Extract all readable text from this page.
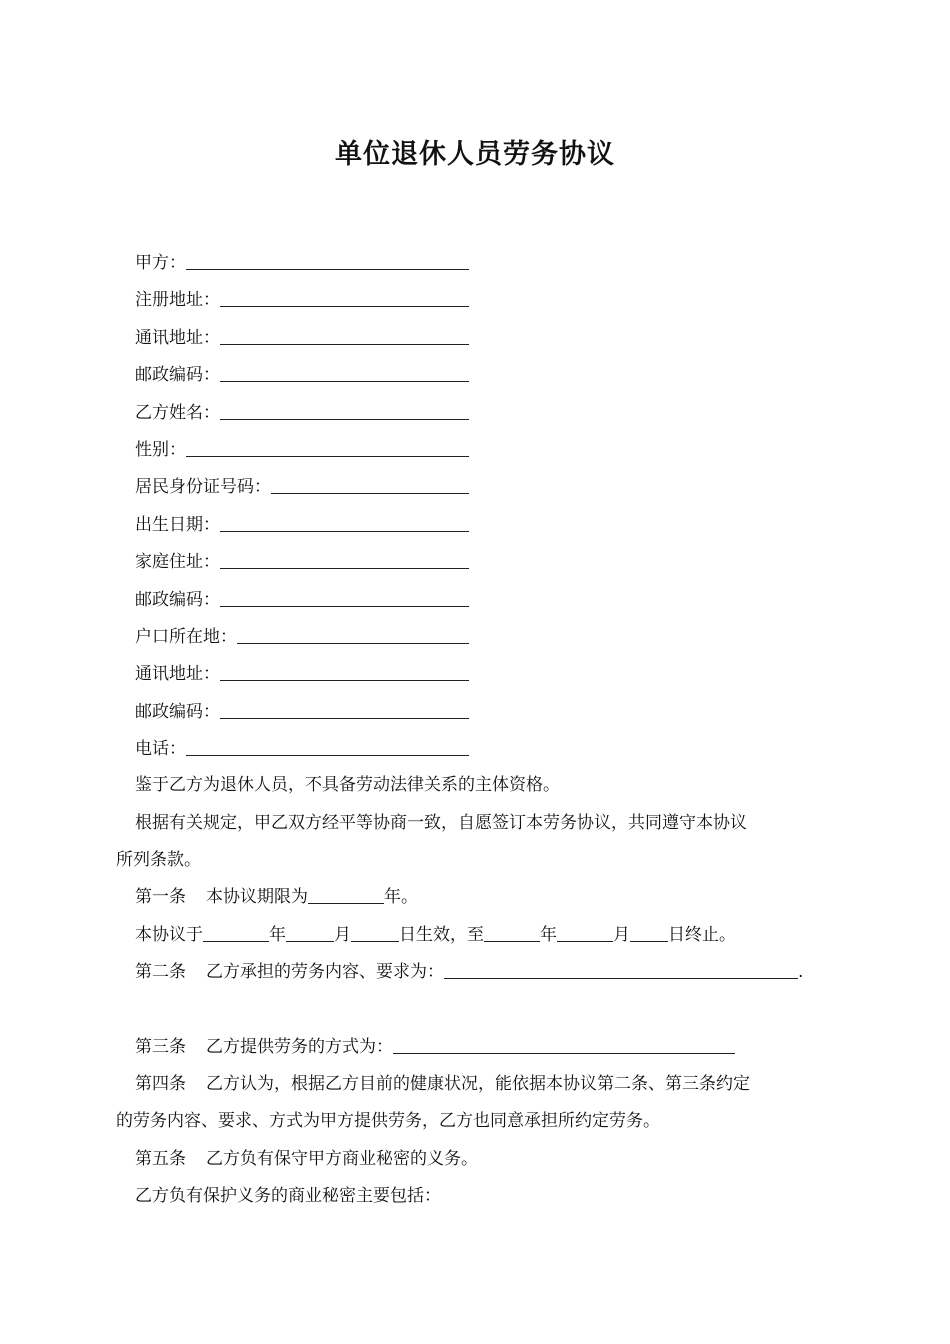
单位退休人员劳务协议
甲方：
注册地址：
通讯地址：
邮政编码：
乙方姓名：
性别：
居民身份证号码：
出生日期：
家庭住址：
邮政编码：
户口所在地：
通讯地址：
邮政编码：
电话：
鉴于乙方为退休人员，不具备劳动法律关系的主体资格。
根据有关规定，甲乙双方经平等协商一致，自愿签订本劳务协议，共同遵守本协议
所列条款。
第一条 本协议期限为	年。
本协议于	年	月	日生效，至	年	月 日终止。
第二条 乙方承担的劳务内容、要求为：	.
第三条 乙方提供劳务的方式为：
第四条 乙方认为，根据乙方目前的健康状况，能依据本协议第二条、第三条约定
的劳务内容、要求、方式为甲方提供劳务，乙方也同意承担所约定劳务。
第五条 乙方负有保守甲方商业秘密的义务。
乙方负有保护义务的商业秘密主要包括：
